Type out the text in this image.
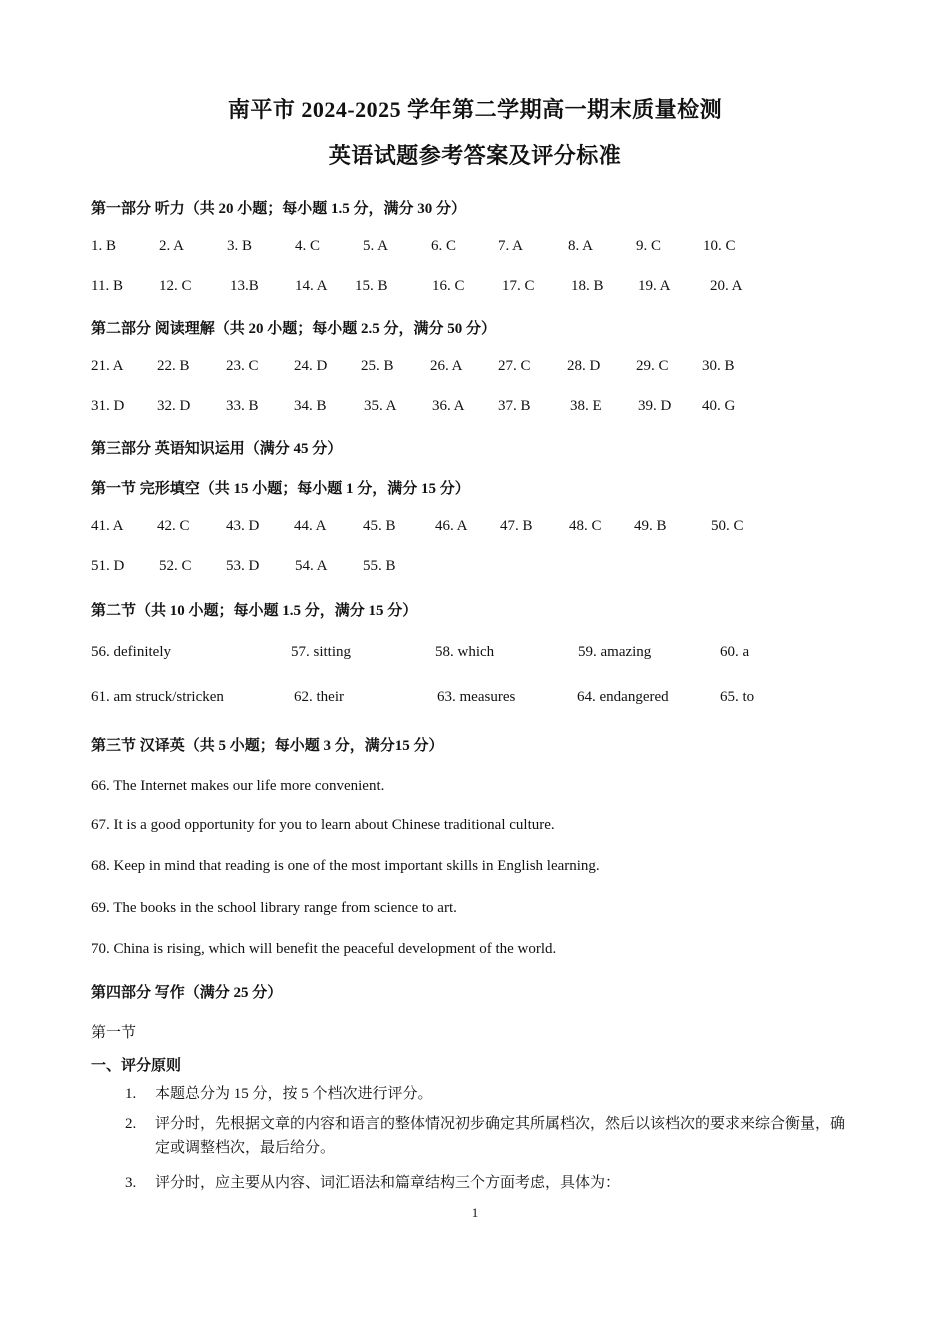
南平市 2024-2025 学年第二学期高一期末质量检测
英语试题参考答案及评分标准
第一部分 听力（共 20 小题；每小题 1.5 分，满分 30 分）
1. B	2. A	3. B	4. C	5. A	6. C	7. A	8. A	9. C	10. C
11. B 12. C	13.B 14. A 15. B	16. C 17. C 18. B 19. A	20. A
第二部分 阅读理解（共 20 小题；每小题 2.5 分，满分 50 分）
21. A 22. B 23. C 24. D 25. B 26. A 27. C 28. D 29. C 30. B
31. D 32. D 33. B 34. B 35. A 36. A 37. B	38. E 39. D 40. G
第三部分 英语知识运用（满分 45 分）
第一节 完形填空（共 15 小题；每小题 1 分，满分 15 分）
41. A 42. C 43. D 44. A 45. B	46. A 47. B 48. C 49. B	50. C
51. D 52. C 53. D 54. A 55. B
第二节（共 10 小题；每小题 1.5 分，满分 15 分）
56. definitely	57. sitting	58. which	59. amazing	60. a
61. am struck/stricken	62. their	63. measures	64. endangered	65. to
第三节 汉译英（共 5 小题；每小题 3 分，满分15 分）
66. The Internet makes our life more convenient.
67. It is a good opportunity for you to learn about Chinese traditional culture.
68. Keep in mind that reading is one of the most important skills in English learning.
69. The books in the school library range from science to art.
70. China is rising, which will benefit the peaceful development of the world.
第四部分 写作（满分 25 分）
第一节
一、评分原则
1. 本题总分为 15 分，按 5 个档次进行评分。
2. 评分时，先根据文章的内容和语言的整体情况初步确定其所属档次，然后以该档次的要求来综合衡量，确定或调整档次，最后给分。
3. 评分时，应主要从内容、词汇语法和篇章结构三个方面考虑，具体为：
1
